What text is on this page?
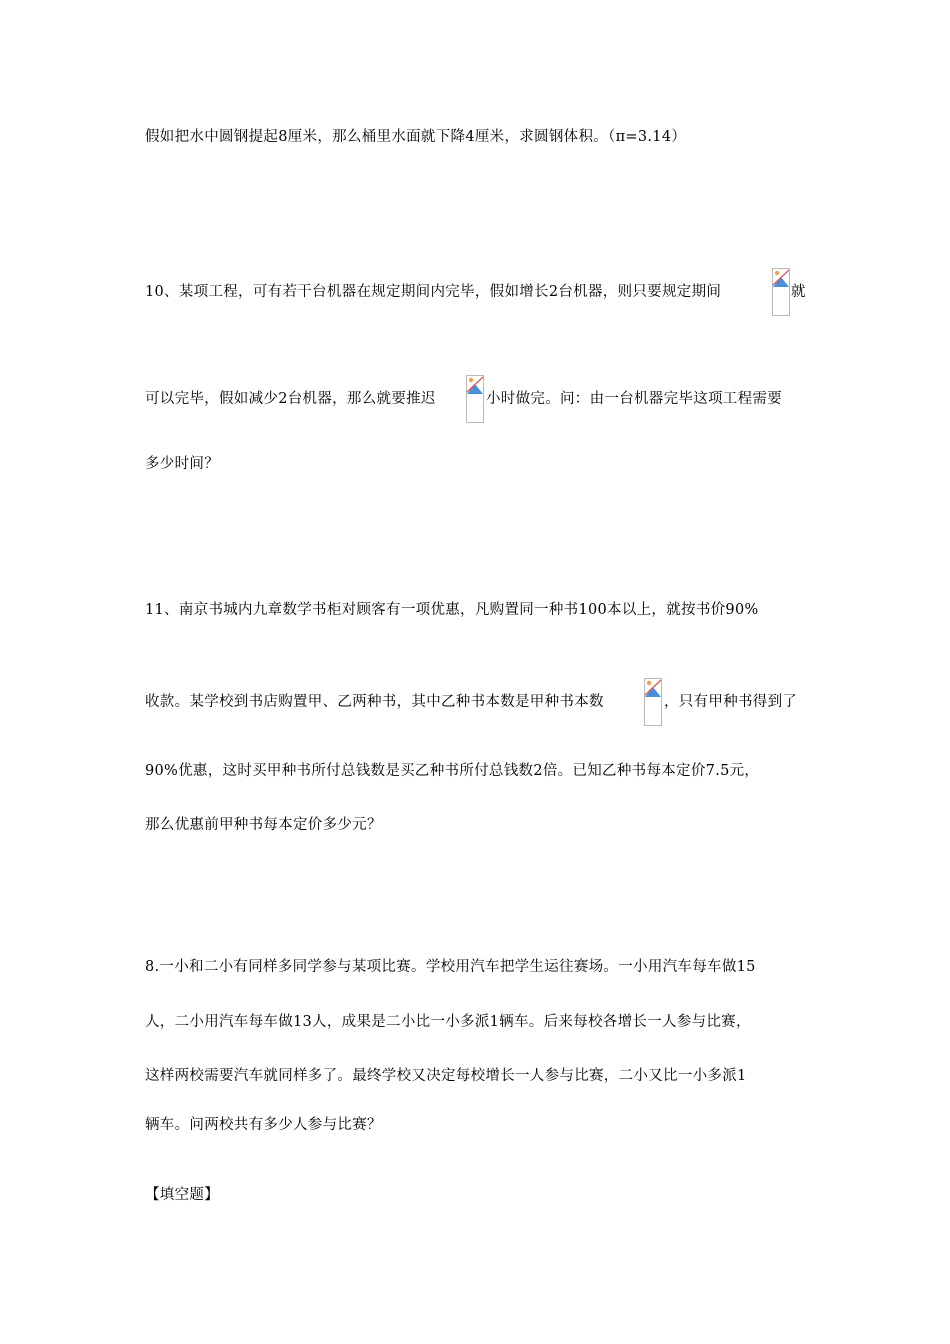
假如把水中圆钢提起8厘米，那么桶里水面就下降4厘米，求圆钢体积。（π=3.14）
10、某项工程，可有若干台机器在规定期间内完毕，假如增长2台机器，则只要规定期间	就
可以完毕，假如减少2台机器，那么就要推迟	小时做完。问：由一台机器完毕这项工程需要
多少时间？
11、南京书城内九章数学书柜对顾客有一项优惠，凡购置同一种书100本以上，就按书价90%
收款。某学校到书店购置甲、乙两种书，其中乙种书本数是甲种书本数	，只有甲种书得到了
90%优惠，这时买甲种书所付总钱数是买乙种书所付总钱数2倍。已知乙种书每本定价7.5元，
那么优惠前甲种书每本定价多少元？
8.一小和二小有同样多同学参与某项比赛。学校用汽车把学生运往赛场。一小用汽车每车做15
人，二小用汽车每车做13人，成果是二小比一小多派1辆车。后来每校各增长一人参与比赛，
这样两校需要汽车就同样多了。最终学校又决定每校增长一人参与比赛，二小又比一小多派1
辆车。问两校共有多少人参与比赛？
【填空题】
